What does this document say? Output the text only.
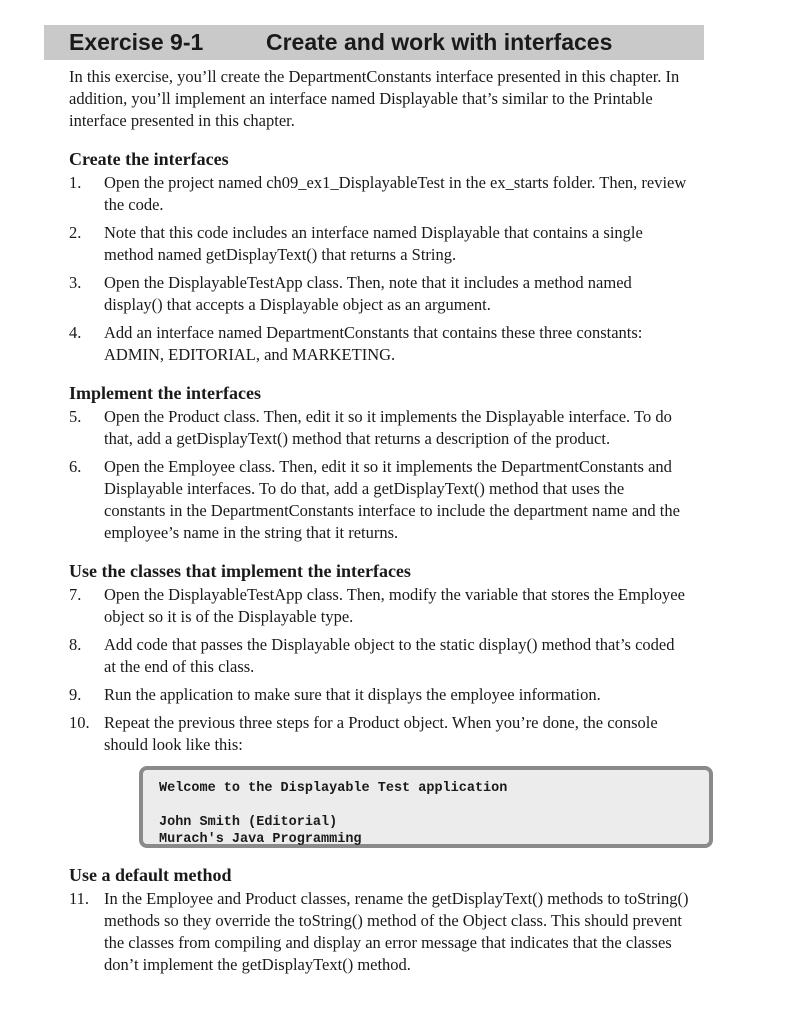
Exercise 9-1	Create and work with interfaces

In this exercise, you’ll create the DepartmentConstants interface presented in this chapter. In addition, you’ll implement an interface named Displayable that’s similar to the Printable interface presented in this chapter.

Create the interfaces
1.	Open the project named ch09_ex1_DisplayableTest in the ex_starts folder. Then, review the code.
2.	Note that this code includes an interface named Displayable that contains a single method named getDisplayText() that returns a String.
3.	Open the DisplayableTestApp class. Then, note that it includes a method named display() that accepts a Displayable object as an argument.
4.	Add an interface named DepartmentConstants that contains these three constants: ADMIN, EDITORIAL, and MARKETING.
Implement the interfaces
5.	Open the Product class. Then, edit it so it implements the Displayable interface. To do that, add a getDisplayText() method that returns a description of the product.
6.	Open the Employee class. Then, edit it so it implements the DepartmentConstants and Displayable interfaces. To do that, add a getDisplayText() method that uses the constants in the DepartmentConstants interface to include the department name and the employee’s name in the string that it returns.
Use the classes that implement the interfaces
7.	Open the DisplayableTestApp class. Then, modify the variable that stores the Employee object so it is of the Displayable type.
8.	Add code that passes the Displayable object to the static display() method that’s coded at the end of this class.
9.	Run the application to make sure that it displays the employee information.
10. Repeat the previous three steps for a Product object. When you’re done, the console should look like this:
Welcome to the Displayable Test application
John Smith (Editorial)
Murach's Java Programming
Use a default method
11. In the Employee and Product classes, rename the getDisplayText() methods to toString() methods so they override the toString() method of the Object class. This should prevent the classes from compiling and display an error message that indicates that the classes don’t implement the getDisplayText() method.
